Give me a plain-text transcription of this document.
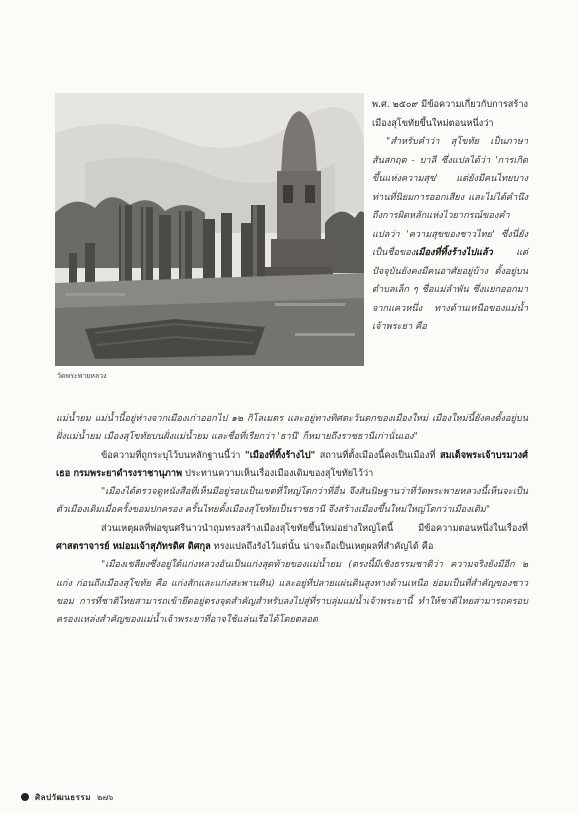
วัดพระพายหลวง

พ.ศ. ๒๕๐๙ มีข้อความเกี่ยวกับการสร้างเมืองสุโขทัยขึ้นใหม่ตอนหนึ่งว่า

"สำหรับคำว่า สุโขทัย เป็นภาษาสันสกฤต - บาลี ซึ่งแปลได้ว่า 'การเกิดขึ้นแห่งความสุข' แต่ยังมีคนไทยบางท่านที่นิยมการออกเสียง และไม่ได้คำนึงถึงการผิดหลักแห่งไวยากรณ์ของคำ แปลว่า 'ความสุขของชาวไทย' ซึ่งนี่ยังเป็นชื่อของเมืองที่ทิ้งร้างไปแล้ว แต่ปัจจุบันยังคงมีคนอาศัยอยู่บ้าง ตั้งอยู่บนตำบลเล็ก ๆ ชื่อแม่ลำพัน ซึ่งแยกออกมาจากแควหนึ่ง ทางด้านเหนือของแม่น้ำเจ้าพระยา คือ

แม่น้ำยม แม่น้ำนี้อยู่ห่างจากเมืองเก่าออกไป ๑๒ กิโลเมตร และอยู่ทางทิศตะวันตกของเมืองใหม่ เมืองใหม่นี้ยังคงตั้งอยู่บนฝั่งแม่น้ำยม เมืองสุโขทัยบนฝั่งแม่น้ำยม และชื่อที่เรียกว่า 'ธานี' ก็หมายถึงราชธานีเก่านั่นเอง"

ข้อความที่ถูกระบุไว้บนหลักฐานนี้ว่า "เมืองที่ทิ้งร้างไป" สถานที่ตั้งเมืองนี้คงเป็นเมืองที่ สมเด็จพระเจ้าบรมวงศ์เธอ กรมพระยาดำรงราชานุภาพ ประทานความเห็นเรื่องเมืองเดิมของสุโขทัยไว้ว่า

"เมืองได้ตรวจดูหนังสือที่เห็นมีอยู่รอบเป็นเขตที่ใหญ่โตกว่าที่อื่น จึงสันนิษฐานว่าที่วัดพระพายหลวงนี้เห็นจะเป็นตัวเมืองเดิมเมื่อครั้งขอมปกครอง ครั้นไทยตั้งเมืองสุโขทัยเป็นราชธานี จึงสร้างเมืองขึ้นใหม่ใหญ่โตกว่าเมืองเดิม"

ส่วนเหตุผลที่พ่อขุนศรีนาวนำถุมทรงสร้างเมืองสุโขทัยขึ้นใหม่อย่างใหญ่โตนี้ มีข้อความตอนหนึ่งในเรื่องที่ ศาสตราจารย์ หม่อมเจ้าสุภัทรดิศ ดิศกุล ทรงแปลถึงรังไว้แต่นั้น น่าจะถือเป็นเหตุผลที่สำคัญได้ คือ

"เมืองเชลียงซึ่งอยู่ใต้แก่งหลวงอันเป็นแก่งสุดท้ายของแม่น้ำยม (ตรงนี้มีเชิงธรรมชาติว่า ความจริงยังมีอีก ๒ แก่ง ก่อนถึงเมืองสุโขทัย คือ แก่งสักและแก่งสะพานหิน) และอยู่ที่ปลายแผ่นดินสูงทางด้านเหนือ ย่อมเป็นที่สำคัญของชาวขอม การที่ชาติไทยสามารถเข้ายึดอยู่ตรงจุดสำคัญสำหรับลงไปสู่ที่ราบลุ่มแม่น้ำเจ้าพระยานี้ ทำให้ชาติไทยสามารถครอบครองแหล่งสำคัญของแม่น้ำเจ้าพระยาที่อาจใช้แล่นเรือได้โดยตลอด

ศิลปวัฒนธรรม ๒๗๖
